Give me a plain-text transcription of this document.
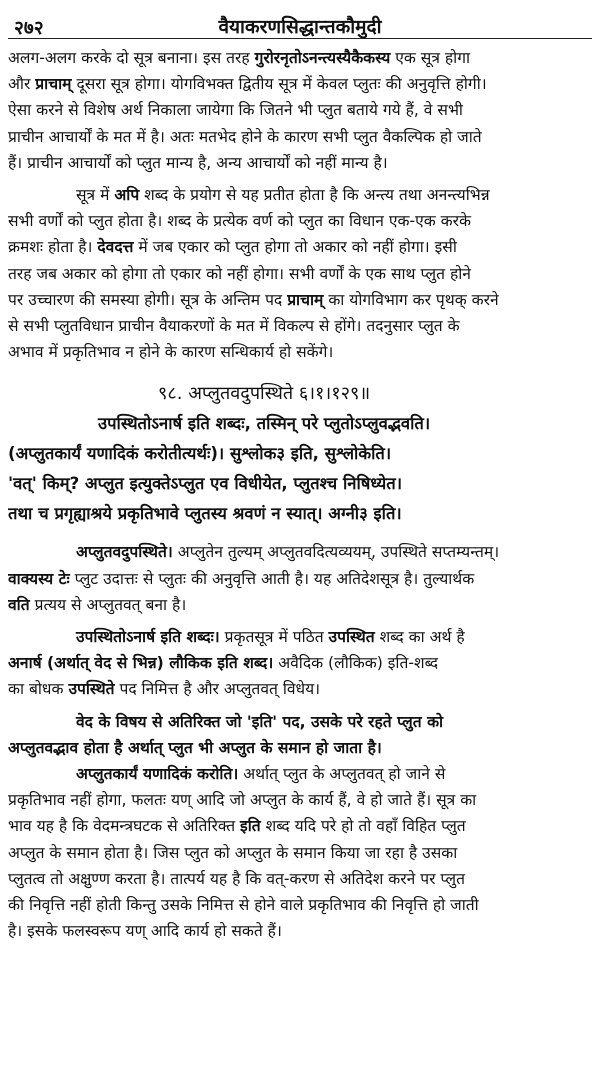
२७२	वैयाकरणसिद्धान्तकौमुदी

अलग-अलग करके दो सूत्र बनाना। इस तरह गुरोरनृतोऽनन्त्यस्यैकैकस्य एक सूत्र होगा

और प्राचाम् दूसरा सूत्र होगा। योगविभक्त द्वितीय सूत्र में केवल प्लुतः की अनुवृत्ति होगी।

ऐसा करने से विशेष अर्थ निकाला जायेगा कि जितने भी प्लुत बताये गये हैं, वे सभी

प्राचीन आचार्यों के मत में है। अतः मतभेद होने के कारण सभी प्लुत वैकल्पिक हो जाते

हैं। प्राचीन आचार्यों को प्लुत मान्य है, अन्य आचार्यों को नहीं मान्य है।

सूत्र में अपि शब्द के प्रयोग से यह प्रतीत होता है कि अन्त्य तथा अनन्त्यभिन्न

सभी वर्णों को प्लुत होता है। शब्द के प्रत्येक वर्ण को प्लुत का विधान एक-एक करके

क्रमशः होता है। देवदत्त में जब एकार को प्लुत होगा तो अकार को नहीं होगा। इसी

तरह जब अकार को होगा तो एकार को नहीं होगा। सभी वर्णों के एक साथ प्लुत होने

पर उच्चारण की समस्या होगी। सूत्र के अन्तिम पद प्राचाम् का योगविभाग कर पृथक् करने

से सभी प्लुतविधान प्राचीन वैयाकरणों के मत में विकल्प से होंगे। तदनुसार प्लुत के

अभाव में प्रकृतिभाव न होने के कारण सन्धिकार्य हो सकेंगे।

९८. अप्लुतवदुपस्थिते ६।१।१२९॥

उपस्थितोऽनार्ष इति शब्दः, तस्मिन् परे प्लुतोऽप्लुवद्भवति।

(अप्लुतकार्यं यणादिकं करोतीत्यर्थः)। सुश्लोक३ इति, सुश्लोकेति।

'वत्' किम्? अप्लुत इत्युक्तेऽप्लुत एव विधीयेत, प्लुतश्च निषिध्येत।

तथा च प्रगृह्याश्रये प्रकृतिभावे प्लुतस्य श्रवणं न स्यात्। अग्नी३ इति।

अप्लुतवदुपस्थिते। अप्लुतेन तुल्यम् अप्लुतवदित्यव्ययम्, उपस्थिते सप्तम्यन्तम्।

वाक्यस्य टेः प्लुट उदात्तः से प्लुतः की अनुवृत्ति आती है। यह अतिदेशसूत्र है। तुल्यार्थक

वति प्रत्यय से अप्लुतवत् बना है।

उपस्थितोऽनार्ष इति शब्दः। प्रकृतसूत्र में पठित उपस्थित शब्द का अर्थ है

अनार्ष (अर्थात् वेद से भिन्न) लौकिक इति शब्द। अवैदिक (लौकिक) इति-शब्द

का बोधक उपस्थिते पद निमित्त है और अप्लुतवत् विधेय।

वेद के विषय से अतिरिक्त जो 'इति' पद, उसके परे रहते प्लुत को

अप्लुतवद्भाव होता है अर्थात् प्लुत भी अप्लुत के समान हो जाता है।

अप्लुतकार्यं यणादिकं करोति। अर्थात् प्लुत के अप्लुतवत् हो जाने से

प्रकृतिभाव नहीं होगा, फलतः यण् आदि जो अप्लुत के कार्य हैं, वे हो जाते हैं। सूत्र का

भाव यह है कि वेदमन्त्रघटक से अतिरिक्त इति शब्द यदि परे हो तो वहाँ विहित प्लुत

अप्लुत के समान होता है। जिस प्लुत को अप्लुत के समान किया जा रहा है उसका

प्लुतत्व तो अक्षुण्ण करता है। तात्पर्य यह है कि वत्-करण से अतिदेश करने पर प्लुत

की निवृत्ति नहीं होती किन्तु उसके निमित्त से होने वाले प्रकृतिभाव की निवृत्ति हो जाती

है। इसके फलस्वरूप यण् आदि कार्य हो सकते हैं।
